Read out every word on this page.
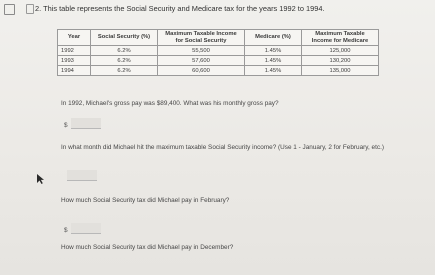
2. This table represents the Social Security and Medicare tax for the years 1992 to 1994.
Year	Social Security (%)	Maximum Taxable Income for Social Security	Medicare (%)	Maximum Taxable Income for Medicare
1992	6.2%	55,500	1.45%	125,000
1993	6.2%	57,600	1.45%	130,200
1994	6.2%	60,600	1.45%	135,000
In 1992, Michael's gross pay was $89,400. What was his monthly gross pay?
$
In what month did Michael hit the maximum taxable Social Security income? (Use 1 - January, 2 for February, etc.)
How much Social Security tax did Michael pay in February?
$
How much Social Security tax did Michael pay in December?
